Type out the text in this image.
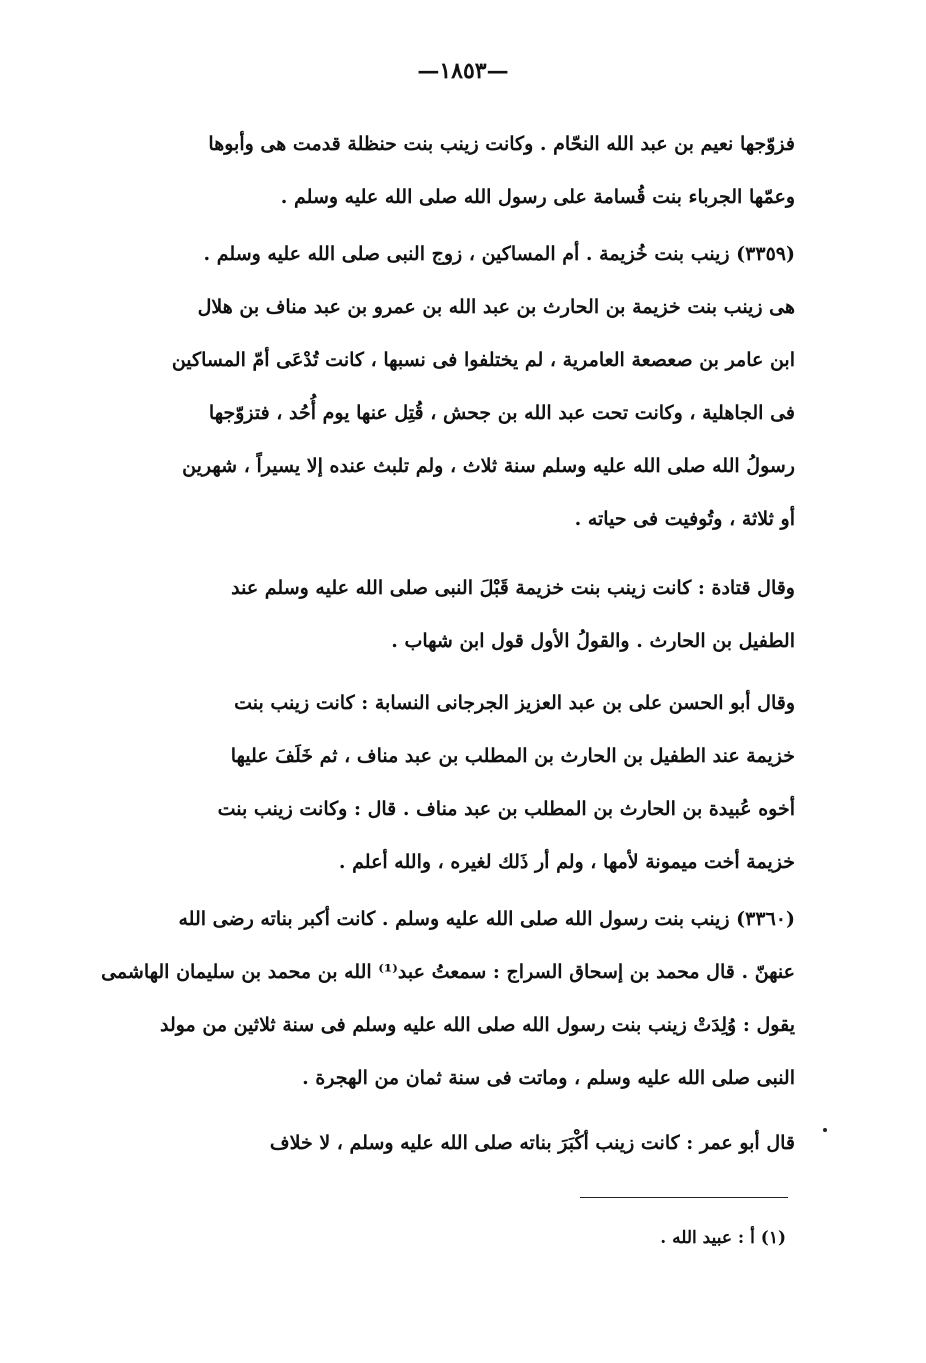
—١٨٥٣—
فزوّجها نعيم بن عبد الله النحّام . وكانت زينب بنت حنظلة قدمت هى وأبوها
وعمّها الجرباء بنت قُسامة على رسول الله صلى الله عليه وسلم .
(٣٣٥٩) زينب بنت خُزيمة . أم المساكين ، زوج النبى صلى الله عليه وسلم .
هى زينب بنت خزيمة بن الحارث بن عبد الله بن عمرو بن عبد مناف بن هلال
ابن عامر بن صعصعة العامرية ، لم يختلفوا فى نسبها ، كانت تُدْعَى أمّ المساكين
فى الجاهلية ، وكانت تحت عبد الله بن جحش ، قُتِل عنها يوم أُحُد ، فتزوّجها
رسولُ الله صلى الله عليه وسلم سنة ثلاث ، ولم تلبث عنده إلا يسيراً ، شهرين
أو ثلاثة ، وتُوفيت فى حياته .
وقال قتادة : كانت زينب بنت خزيمة قَبْلَ النبى صلى الله عليه وسلم عند
الطفيل بن الحارث . والقولُ الأول قول ابن شهاب .
وقال أبو الحسن على بن عبد العزيز الجرجانى النسابة : كانت زينب بنت
خزيمة عند الطفيل بن الحارث بن المطلب بن عبد مناف ، ثم خَلَفَ عليها
أخوه عُبيدة بن الحارث بن المطلب بن عبد مناف . قال : وكانت زينب بنت
خزيمة أخت ميمونة لأمها ، ولم أر ذَلك لغيره ، والله أعلم .
(٣٣٦٠) زينب بنت رسول الله صلى الله عليه وسلم . كانت أكبر بناته رضى الله
عنهنّ . قال محمد بن إسحاق السراج : سمعتُ عبد⁽¹⁾ الله بن محمد بن سليمان الهاشمى
يقول : وُلِدَتْ زينب بنت رسول الله صلى الله عليه وسلم فى سنة ثلاثين من مولد
النبى صلى الله عليه وسلم ، وماتت فى سنة ثمان من الهجرة .
قال أبو عمر : كانت زينب أكْبَرَ بناته صلى الله عليه وسلم ، لا خلاف
(١) أ : عبيد الله .
